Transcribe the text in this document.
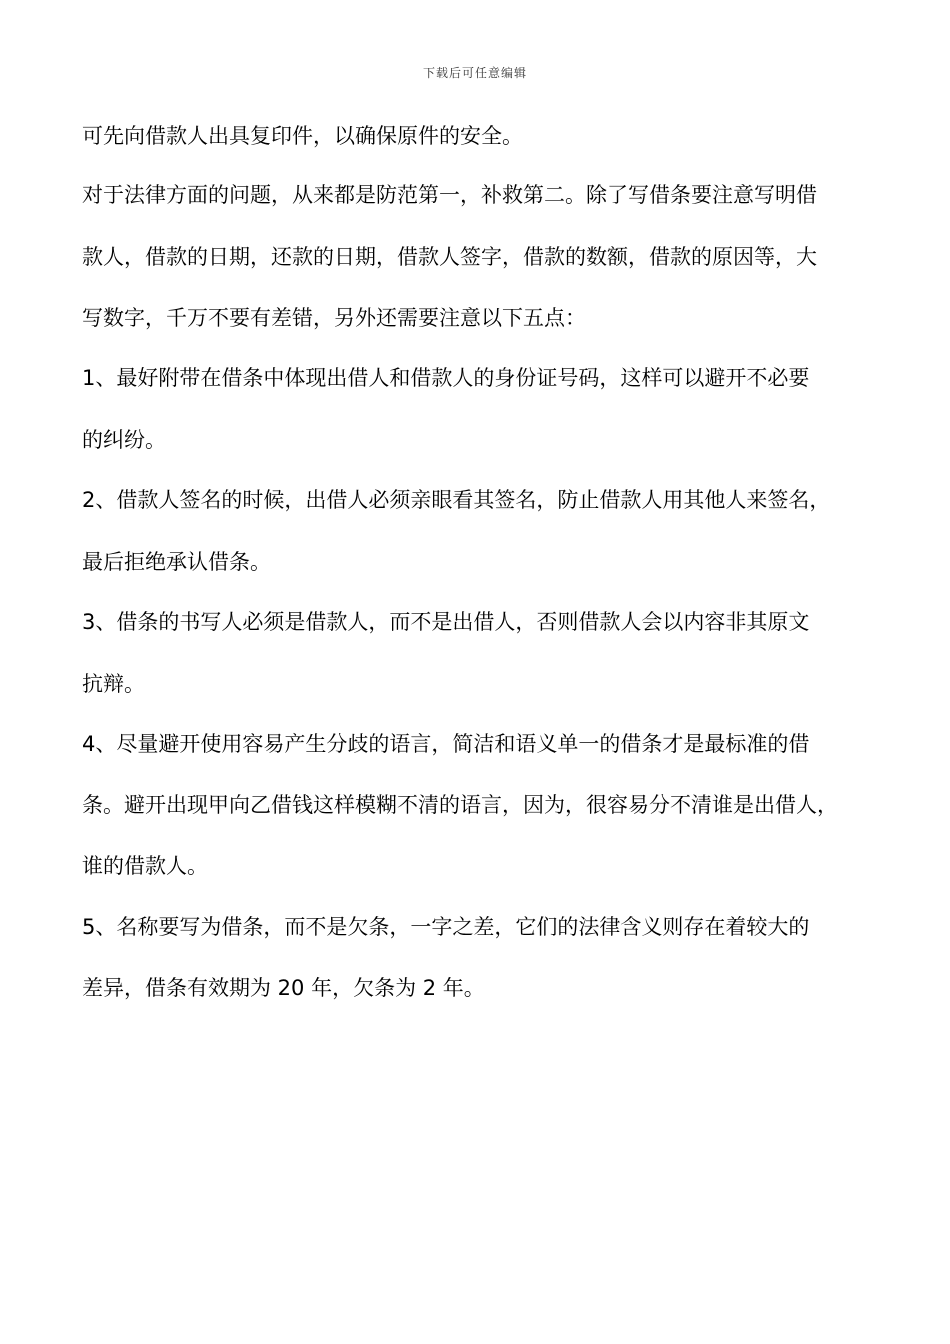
下载后可任意编辑
可先向借款人出具复印件，以确保原件的安全。
对于法律方面的问题，从来都是防范第一，补救第二。除了写借条要注意写明借
款人，借款的日期，还款的日期，借款人签字，借款的数额，借款的原因等，大
写数字，千万不要有差错，另外还需要注意以下五点：
1、最好附带在借条中体现出借人和借款人的身份证号码，这样可以避开不必要
的纠纷。
2、借款人签名的时候，出借人必须亲眼看其签名，防止借款人用其他人来签名，
最后拒绝承认借条。
3、借条的书写人必须是借款人，而不是出借人，否则借款人会以内容非其原文
抗辩。
4、尽量避开使用容易产生分歧的语言，简洁和语义单一的借条才是最标准的借
条。避开出现甲向乙借钱这样模糊不清的语言，因为，很容易分不清谁是出借人，
谁的借款人。
5、名称要写为借条，而不是欠条，一字之差，它们的法律含义则存在着较大的
差异，借条有效期为 20 年，欠条为 2 年。
